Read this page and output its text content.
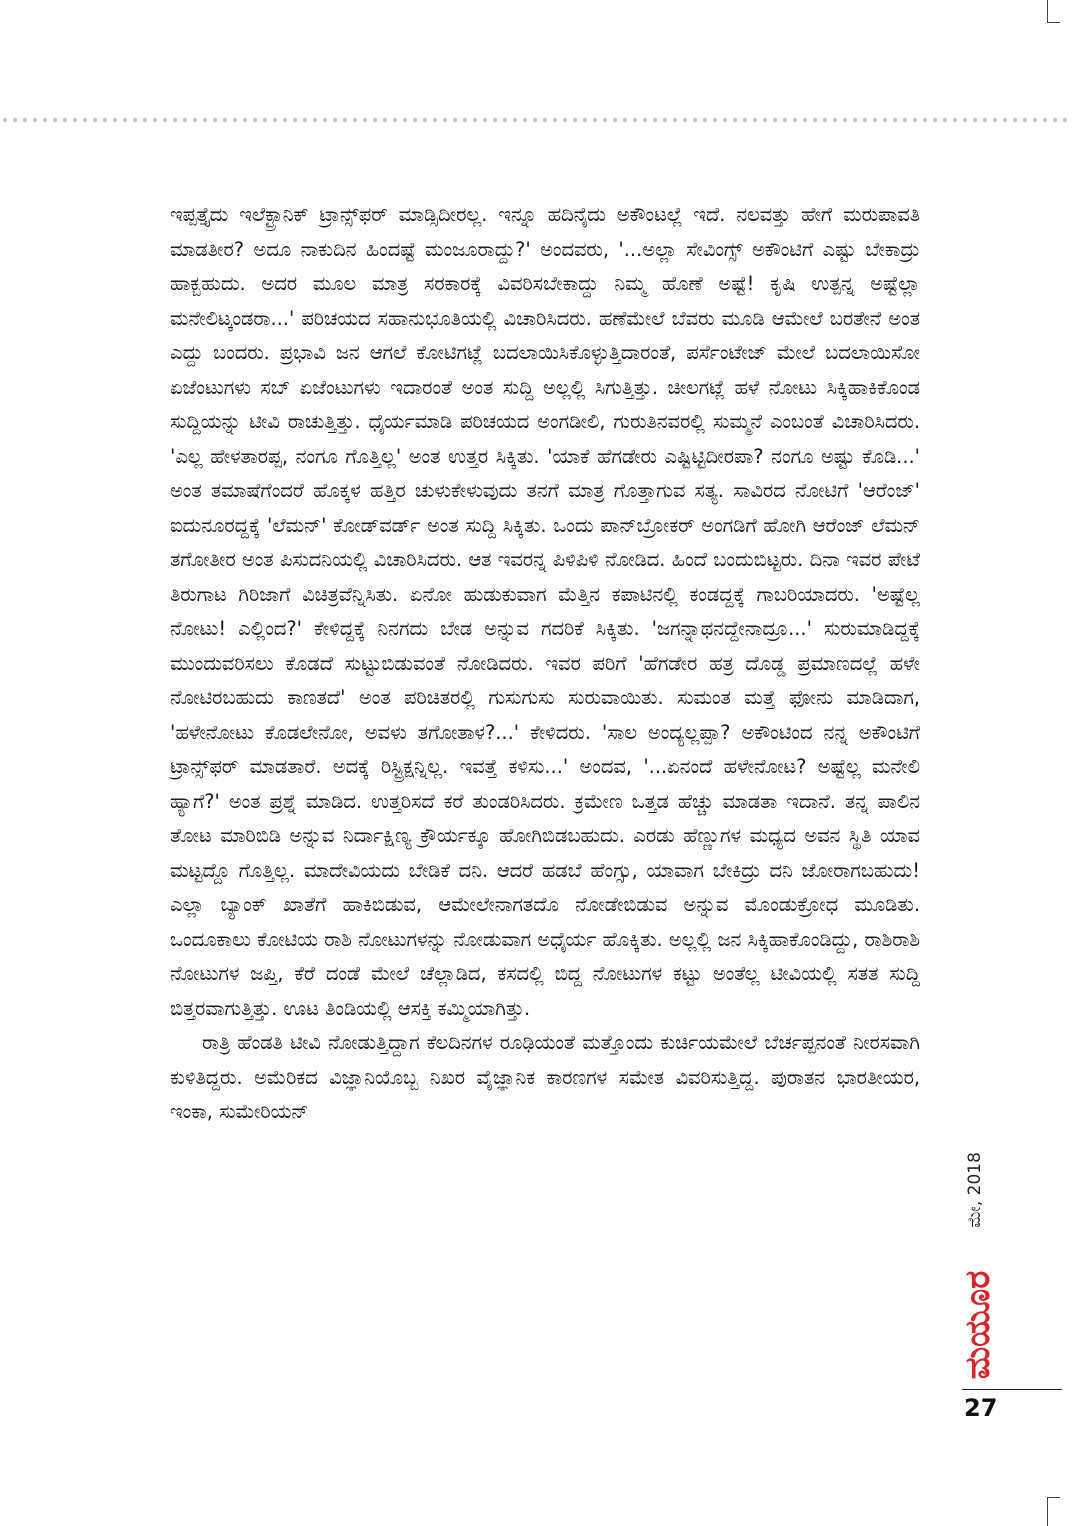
ಇಪ್ಪತ್ತೈದು ಇಲೆಕ್ಟ್ರಾನಿಕ್ ಟ್ರಾನ್ಸ್‌ಫರ್ ಮಾಡ್ಸಿದೀರಲ್ಲ. ಇನ್ನೂ ಹದಿನೈದು ಅಕೌಂಟಲ್ಲೆ ಇದೆ. ನಲವತ್ತು ಹೇಗೆ ಮರುಪಾವತಿ ಮಾಡತೀರ? ಅದೂ ನಾಕುದಿನ ಹಿಂದಷ್ಟೆ ಮಂಜೂರಾದ್ದು?' ಅಂದವರು, '...ಅಲ್ಲಾ ಸೇವಿಂಗ್ಸ್ ಅಕೌಂಟಿಗೆ ಎಷ್ಟು ಬೇಕಾದ್ರು ಹಾಕ್ಬಹುದು. ಅದರ ಮೂಲ ಮಾತ್ರ ಸರಕಾರಕ್ಕೆ ವಿವರಿಸಬೇಕಾದ್ದು ನಿಮ್ಮ ಹೊಣೆ ಅಷ್ಟೆ! ಕೃಷಿ ಉತ್ಪನ್ನ ಅಷ್ಟೆಲ್ಲಾ ಮನೇಲಿಟ್ಕಂಡರಾ...' ಪರಿಚಯದ ಸಹಾನುಭೂತಿಯಲ್ಲಿ ವಿಚಾರಿಸಿದರು. ಹಣೆಮೇಲೆ ಬೆವರು ಮೂಡಿ ಆಮೇಲೆ ಬರತೇನೆ ಅಂತ ಎದ್ದು ಬಂದರು. ಪ್ರಭಾವಿ ಜನ ಆಗಲೆ ಕೋಟಿಗಟ್ಲೆ ಬದಲಾಯಿಸಿಕೊಳ್ಳುತ್ತಿದಾರಂತೆ, ಪರ್ಸೆಂಟೇಜ್ ಮೇಲೆ ಬದಲಾಯಿಸೋ ಏಜೆಂಟುಗಳು ಸಬ್ ಏಜೆಂಟುಗಳು ಇದಾರಂತೆ ಅಂತ ಸುದ್ದಿ ಅಲ್ಲಲ್ಲಿ ಸಿಗುತ್ತಿತ್ತು. ಚೀಲಗಟ್ಲೆ ಹಳೆ ನೋಟು ಸಿಕ್ಕಿಹಾಕಿಕೊಂಡ ಸುದ್ದಿಯನ್ನು ಟೀವಿ ರಾಚುತ್ತಿತ್ತು. ಧೈರ್ಯಮಾಡಿ ಪರಿಚಯದ ಅಂಗಡೀಲಿ, ಗುರುತಿನವರಲ್ಲಿ ಸುಮ್ಮನೆ ಎಂಬಂತೆ ವಿಚಾರಿಸಿದರು. 'ಎಲ್ಲ ಹೇಳತಾರಪ್ಪ, ನಂಗೂ ಗೊತ್ತಿಲ್ಲ' ಅಂತ ಉತ್ತರ ಸಿಕ್ಕಿತು. 'ಯಾಕೆ ಹೆಗಡೇರು ಎಷ್ಟಿಟ್ಟಿದೀರಪಾ? ನಂಗೂ ಅಷ್ಟು ಕೊಡಿ...' ಅಂತ ತಮಾಷೆಗೆಂದರೆ ಹೊಕ್ಕಳ ಹತ್ತಿರ ಚುಳುಕೇಳುವುದು ತನಗೆ ಮಾತ್ರ ಗೊತ್ತಾಗುವ ಸತ್ಯ. ಸಾವಿರದ ನೋಟಿಗೆ 'ಆರೆಂಜ್' ಐದುನೂರದ್ದಕ್ಕೆ 'ಲೆಮನ್' ಕೋಡ್‌ವರ್ಡ್ ಅಂತ ಸುದ್ದಿ ಸಿಕ್ಕಿತು. ಒಂದು ಪಾನ್‌ಬ್ರೋಕರ್ ಅಂಗಡಿಗೆ ಹೋಗಿ ಆರೆಂಜ್ ಲೆಮನ್ ತಗೋತೀರ ಅಂತ ಪಿಸುದನಿಯಲ್ಲಿ ವಿಚಾರಿಸಿದರು. ಆತ ಇವರನ್ನ ಪಿಳಿಪಿಳಿ ನೋಡಿದ. ಹಿಂದೆ ಬಂದುಬಿಟ್ಟರು. ದಿನಾ ಇವರ ಪೇಟೆ ತಿರುಗಾಟ ಗಿರಿಜಾಗೆ ವಿಚಿತ್ರವೆನ್ನಿಸಿತು. ಏನೋ ಹುಡುಕುವಾಗ ಮೆತ್ತಿನ ಕಪಾಟಿನಲ್ಲಿ ಕಂಡದ್ದಕ್ಕೆ ಗಾಬರಿಯಾದರು. 'ಅಷ್ಟೆಲ್ಲ ನೋಟು! ಎಲ್ಲಿಂದ?' ಕೇಳಿದ್ದಕ್ಕೆ ನಿನಗದು ಬೇಡ ಅನ್ನುವ ಗದರಿಕೆ ಸಿಕ್ಕಿತು. 'ಜಗನ್ನಾಥನದ್ದೇನಾದ್ರೂ...' ಸುರುಮಾಡಿದ್ದಕ್ಕೆ ಮುಂದುವರಿಸಲು ಕೊಡದೆ ಸುಟ್ಟುಬಿಡುವಂತೆ ನೋಡಿದರು. ಇವರ ಪರಿಗೆ 'ಹೆಗಡೇರ ಹತ್ರ ದೊಡ್ಡ ಪ್ರಮಾಣದಲ್ಲೆ ಹಳೇ ನೋಟಿರಬಹುದು ಕಾಣತದೆ' ಅಂತ ಪರಿಚಿತರಲ್ಲಿ ಗುಸುಗುಸು ಸುರುವಾಯಿತು. ಸುಮಂತ ಮತ್ತೆ ಫೋನು ಮಾಡಿದಾಗ, 'ಹಳೇನೋಟು ಕೊಡಲೇನೋ, ಅವಳು ತಗೋತಾಳ?...' ಕೇಳಿದರು. 'ಸಾಲ ಅಂದ್ಯಲ್ಲಪ್ಪಾ? ಅಕೌಂಟಿಂದ ನನ್ನ ಅಕೌಂಟಿಗೆ ಟ್ರಾನ್ಸ್‌ಫರ್ ಮಾಡತಾರೆ. ಅದಕ್ಕೆ ರಿಸ್ಟ್ರಿಕ್ಷನ್ನಿಲ್ಲ. ಇವತ್ತೆ ಕಳಿಸು...' ಅಂದವ, '...ಏನಂದೆ ಹಳೇನೋಟ? ಅಷ್ಟೆಲ್ಲ ಮನೇಲಿ ಹ್ಯಾಗೆ?' ಅಂತ ಪ್ರಶ್ನೆ ಮಾಡಿದ. ಉತ್ತರಿಸದೆ ಕರೆ ತುಂಡರಿಸಿದರು. ಕ್ರಮೇಣ ಒತ್ತಡ ಹೆಚ್ಚು ಮಾಡತಾ ಇದಾನೆ. ತನ್ನ ಪಾಲಿನ ತೋಟ ಮಾರಿಬಿಡಿ ಅನ್ನುವ ನಿರ್ದಾಕ್ಷಿಣ್ಯ ಕ್ರೌರ್ಯಕ್ಕೂ ಹೋಗಿಬಿಡಬಹುದು. ಎರಡು ಹೆಣ್ಣುಗಳ ಮಧ್ಯದ ಅವನ ಸ್ಥಿತಿ ಯಾವ ಮಟ್ಟದ್ದೊ ಗೊತ್ತಿಲ್ಲ. ಮಾದೇವಿಯದು ಬೇಡಿಕೆ ದನಿ. ಆದರೆ ಹಡಬೆ ಹೆಂಗ್ಸು, ಯಾವಾಗ ಬೇಕಿದ್ರು ದನಿ ಜೋರಾಗಬಹುದು! ಎಲ್ಲಾ ಬ್ಯಾಂಕ್ ಖಾತೆಗೆ ಹಾಕಿಬಿಡುವ, ಆಮೇಲೇನಾಗತದೊ ನೋಡೇಬಿಡುವ ಅನ್ನುವ ಮೊಂಡುಕ್ರೋಧ ಮೂಡಿತು. ಒಂದೂಕಾಲು ಕೋಟಿಯ ರಾಶಿ ನೋಟುಗಳನ್ನು ನೋಡುವಾಗ ಅಧೈರ್ಯ ಹೊಕ್ಕಿತು. ಅಲ್ಲಲ್ಲಿ ಜನ ಸಿಕ್ಕಿಹಾಕೊಂಡಿದ್ದು, ರಾಶಿರಾಶಿ ನೋಟುಗಳ ಜಪ್ತಿ, ಕೆರೆ ದಂಡೆ ಮೇಲೆ ಚೆಲ್ಲಾಡಿದ, ಕಸದಲ್ಲಿ ಬಿದ್ದ ನೋಟುಗಳ ಕಟ್ಟು ಅಂತೆಲ್ಲ ಟೀವಿಯಲ್ಲಿ ಸತತ ಸುದ್ದಿ ಬಿತ್ತರವಾಗುತ್ತಿತ್ತು. ಊಟ ತಿಂಡಿಯಲ್ಲಿ ಆಸಕ್ತಿ ಕಮ್ಮಿಯಾಗಿತ್ತು.

ರಾತ್ರಿ ಹೆಂಡತಿ ಟೀವಿ ನೋಡುತ್ತಿದ್ದಾಗ ಕೆಲದಿನಗಳ ರೂಢಿಯಂತೆ ಮತ್ತೊಂದು ಕುರ್ಚಿಯಮೇಲೆ ಬೆರ್ಚಪ್ಪನಂತೆ ನೀರಸವಾಗಿ ಕುಳಿತಿದ್ದರು. ಅಮೆರಿಕದ ವಿಜ್ಞಾನಿಯೊಬ್ಬ ನಿಖರ ವೈಜ್ಞಾನಿಕ ಕಾರಣಗಳ ಸಮೇತ ವಿವರಿಸುತ್ತಿದ್ದ. ಪುರಾತನ ಭಾರತೀಯರ, ಇಂಕಾ, ಸುಮೇರಿಯನ್

ಮೇ, 2018
ಮಯೂರ
27
